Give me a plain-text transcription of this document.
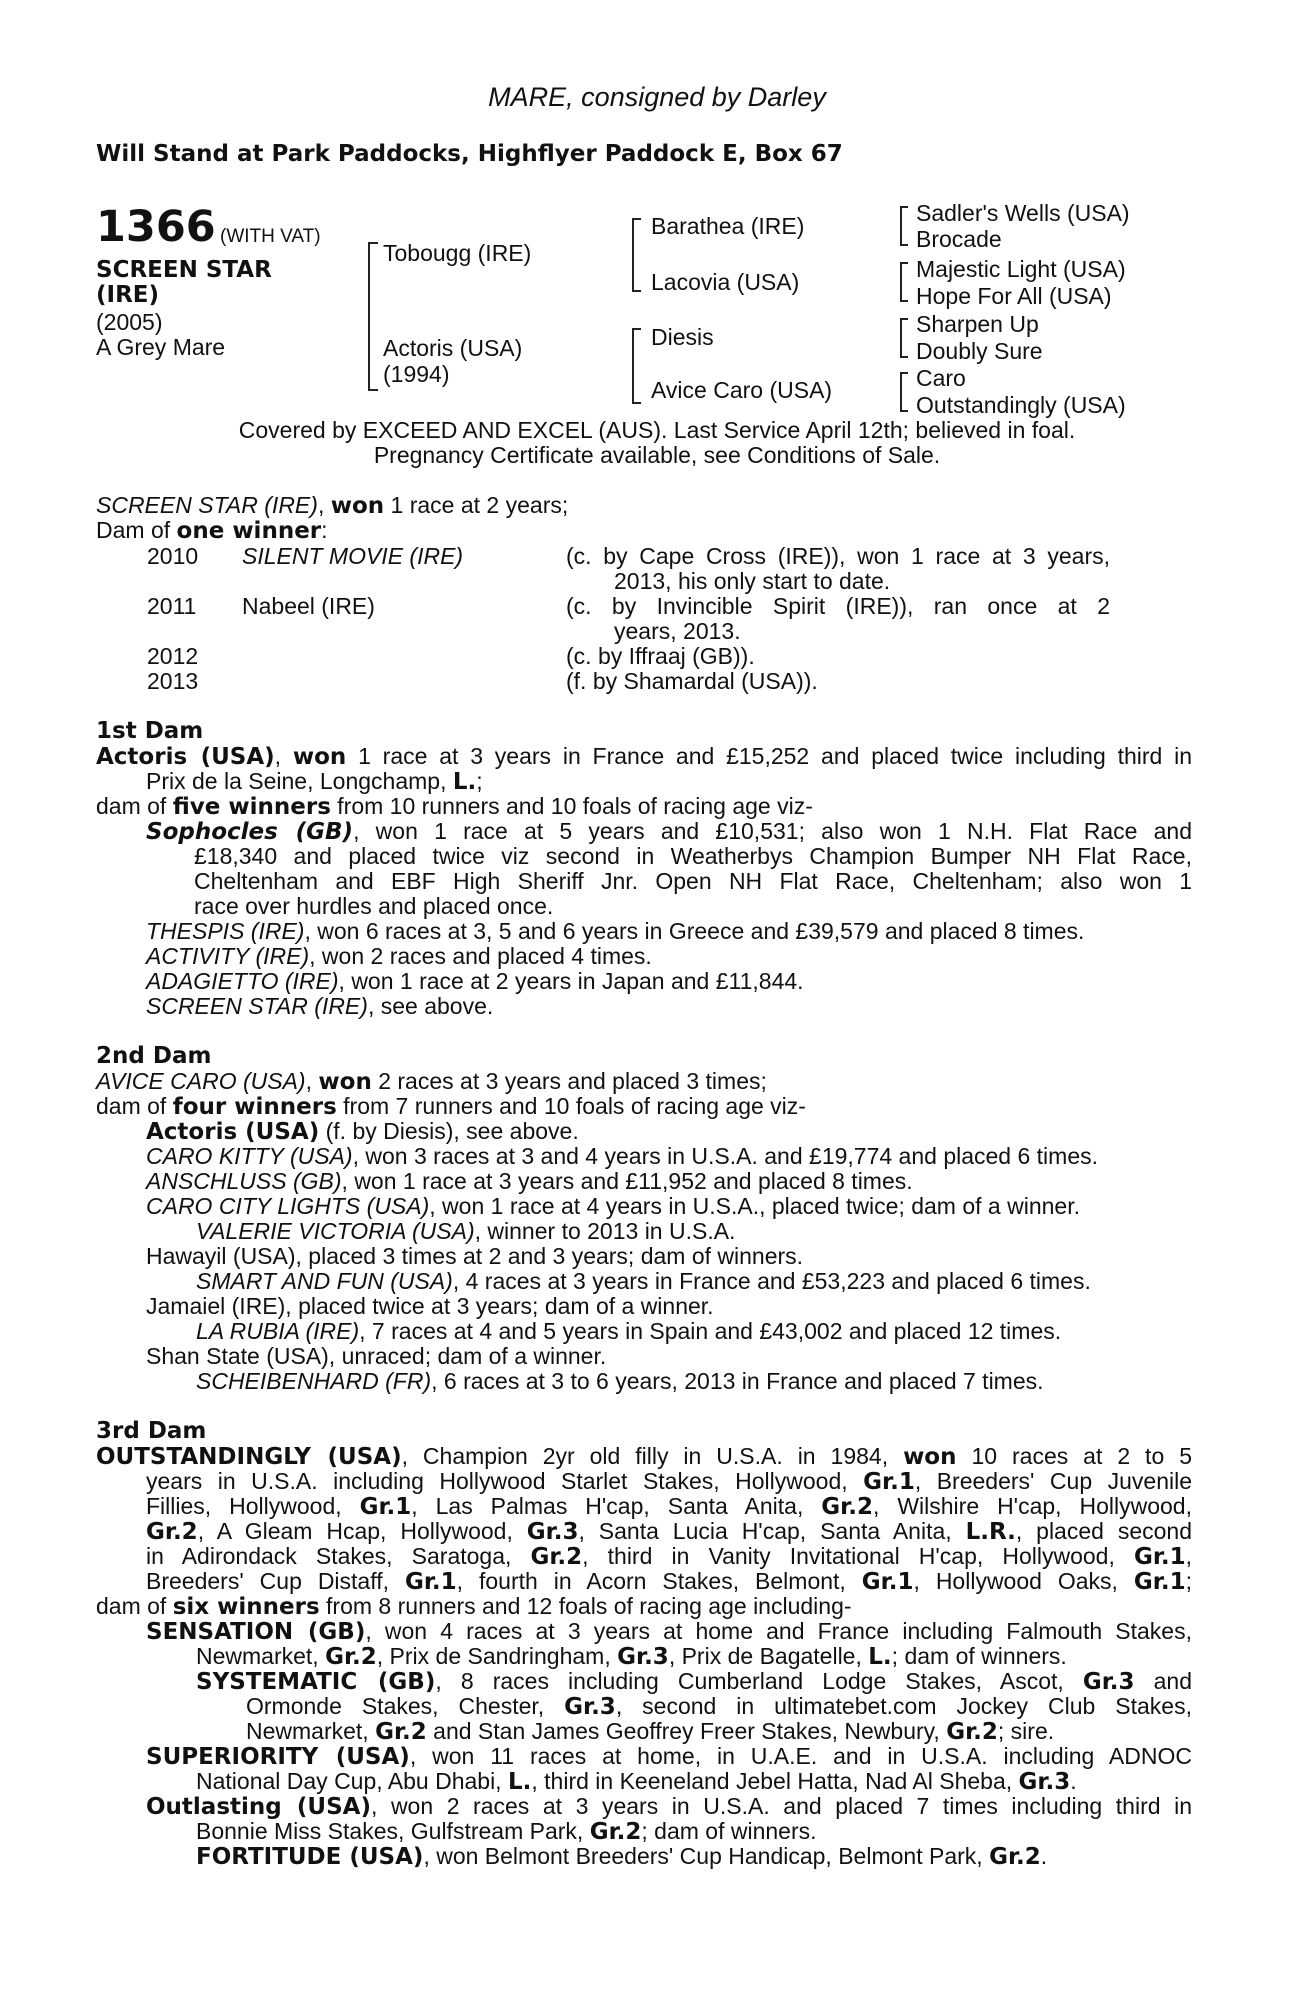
MARE, consigned by Darley
Will Stand at Park Paddocks, Highflyer Paddock E, Box 67
1366 (WITH VAT)
SCREEN STAR
(IRE)
(2005)
A Grey Mare
Tobougg (IRE)
Actoris (USA)
(1994)
Barathea (IRE)
Lacovia (USA)
Diesis
Avice Caro (USA)
Sadler's Wells (USA)
Brocade
Majestic Light (USA)
Hope For All (USA)
Sharpen Up
Doubly Sure
Caro
Outstandingly (USA)
Covered by EXCEED AND EXCEL (AUS). Last Service April 12th; believed in foal.
Pregnancy Certificate available, see Conditions of Sale.
SCREEN STAR (IRE), won 1 race at 2 years;
Dam of one winner:
2010 SILENT MOVIE (IRE)	(c. by Cape Cross (IRE)), won 1 race at 3 years,
2013, his only start to date.
2011 Nabeel (IRE)	(c. by Invincible Spirit (IRE)), ran once at 2
years, 2013.
2012	(c. by Iffraaj (GB)).
2013	(f. by Shamardal (USA)).
1st Dam
Actoris (USA), won 1 race at 3 years in France and £15,252 and placed twice including third in
Prix de la Seine, Longchamp, L.;
dam of five winners from 10 runners and 10 foals of racing age viz-
Sophocles (GB), won 1 race at 5 years and £10,531; also won 1 N.H. Flat Race and
£18,340 and placed twice viz second in Weatherbys Champion Bumper NH Flat Race,
Cheltenham and EBF High Sheriff Jnr. Open NH Flat Race, Cheltenham; also won 1
race over hurdles and placed once.
THESPIS (IRE), won 6 races at 3, 5 and 6 years in Greece and £39,579 and placed 8 times.
ACTIVITY (IRE), won 2 races and placed 4 times.
ADAGIETTO (IRE), won 1 race at 2 years in Japan and £11,844.
SCREEN STAR (IRE), see above.
2nd Dam
AVICE CARO (USA), won 2 races at 3 years and placed 3 times;
dam of four winners from 7 runners and 10 foals of racing age viz-
Actoris (USA) (f. by Diesis), see above.
CARO KITTY (USA), won 3 races at 3 and 4 years in U.S.A. and £19,774 and placed 6 times.
ANSCHLUSS (GB), won 1 race at 3 years and £11,952 and placed 8 times.
CARO CITY LIGHTS (USA), won 1 race at 4 years in U.S.A., placed twice; dam of a winner.
VALERIE VICTORIA (USA), winner to 2013 in U.S.A.
Hawayil (USA), placed 3 times at 2 and 3 years; dam of winners.
SMART AND FUN (USA), 4 races at 3 years in France and £53,223 and placed 6 times.
Jamaiel (IRE), placed twice at 3 years; dam of a winner.
LA RUBIA (IRE), 7 races at 4 and 5 years in Spain and £43,002 and placed 12 times.
Shan State (USA), unraced; dam of a winner.
SCHEIBENHARD (FR), 6 races at 3 to 6 years, 2013 in France and placed 7 times.
3rd Dam
OUTSTANDINGLY (USA), Champion 2yr old filly in U.S.A. in 1984, won 10 races at 2 to 5
years in U.S.A. including Hollywood Starlet Stakes, Hollywood, Gr.1, Breeders' Cup Juvenile
Fillies, Hollywood, Gr.1, Las Palmas H'cap, Santa Anita, Gr.2, Wilshire H'cap, Hollywood,
Gr.2, A Gleam Hcap, Hollywood, Gr.3, Santa Lucia H'cap, Santa Anita, L.R., placed second
in Adirondack Stakes, Saratoga, Gr.2, third in Vanity Invitational H'cap, Hollywood, Gr.1,
Breeders' Cup Distaff, Gr.1, fourth in Acorn Stakes, Belmont, Gr.1, Hollywood Oaks, Gr.1;
dam of six winners from 8 runners and 12 foals of racing age including-
SENSATION (GB), won 4 races at 3 years at home and France including Falmouth Stakes,
Newmarket, Gr.2, Prix de Sandringham, Gr.3, Prix de Bagatelle, L.; dam of winners.
SYSTEMATIC (GB), 8 races including Cumberland Lodge Stakes, Ascot, Gr.3 and
Ormonde Stakes, Chester, Gr.3, second in ultimatebet.com Jockey Club Stakes,
Newmarket, Gr.2 and Stan James Geoffrey Freer Stakes, Newbury, Gr.2; sire.
SUPERIORITY (USA), won 11 races at home, in U.A.E. and in U.S.A. including ADNOC
National Day Cup, Abu Dhabi, L., third in Keeneland Jebel Hatta, Nad Al Sheba, Gr.3.
Outlasting (USA), won 2 races at 3 years in U.S.A. and placed 7 times including third in
Bonnie Miss Stakes, Gulfstream Park, Gr.2; dam of winners.
FORTITUDE (USA), won Belmont Breeders' Cup Handicap, Belmont Park, Gr.2.
